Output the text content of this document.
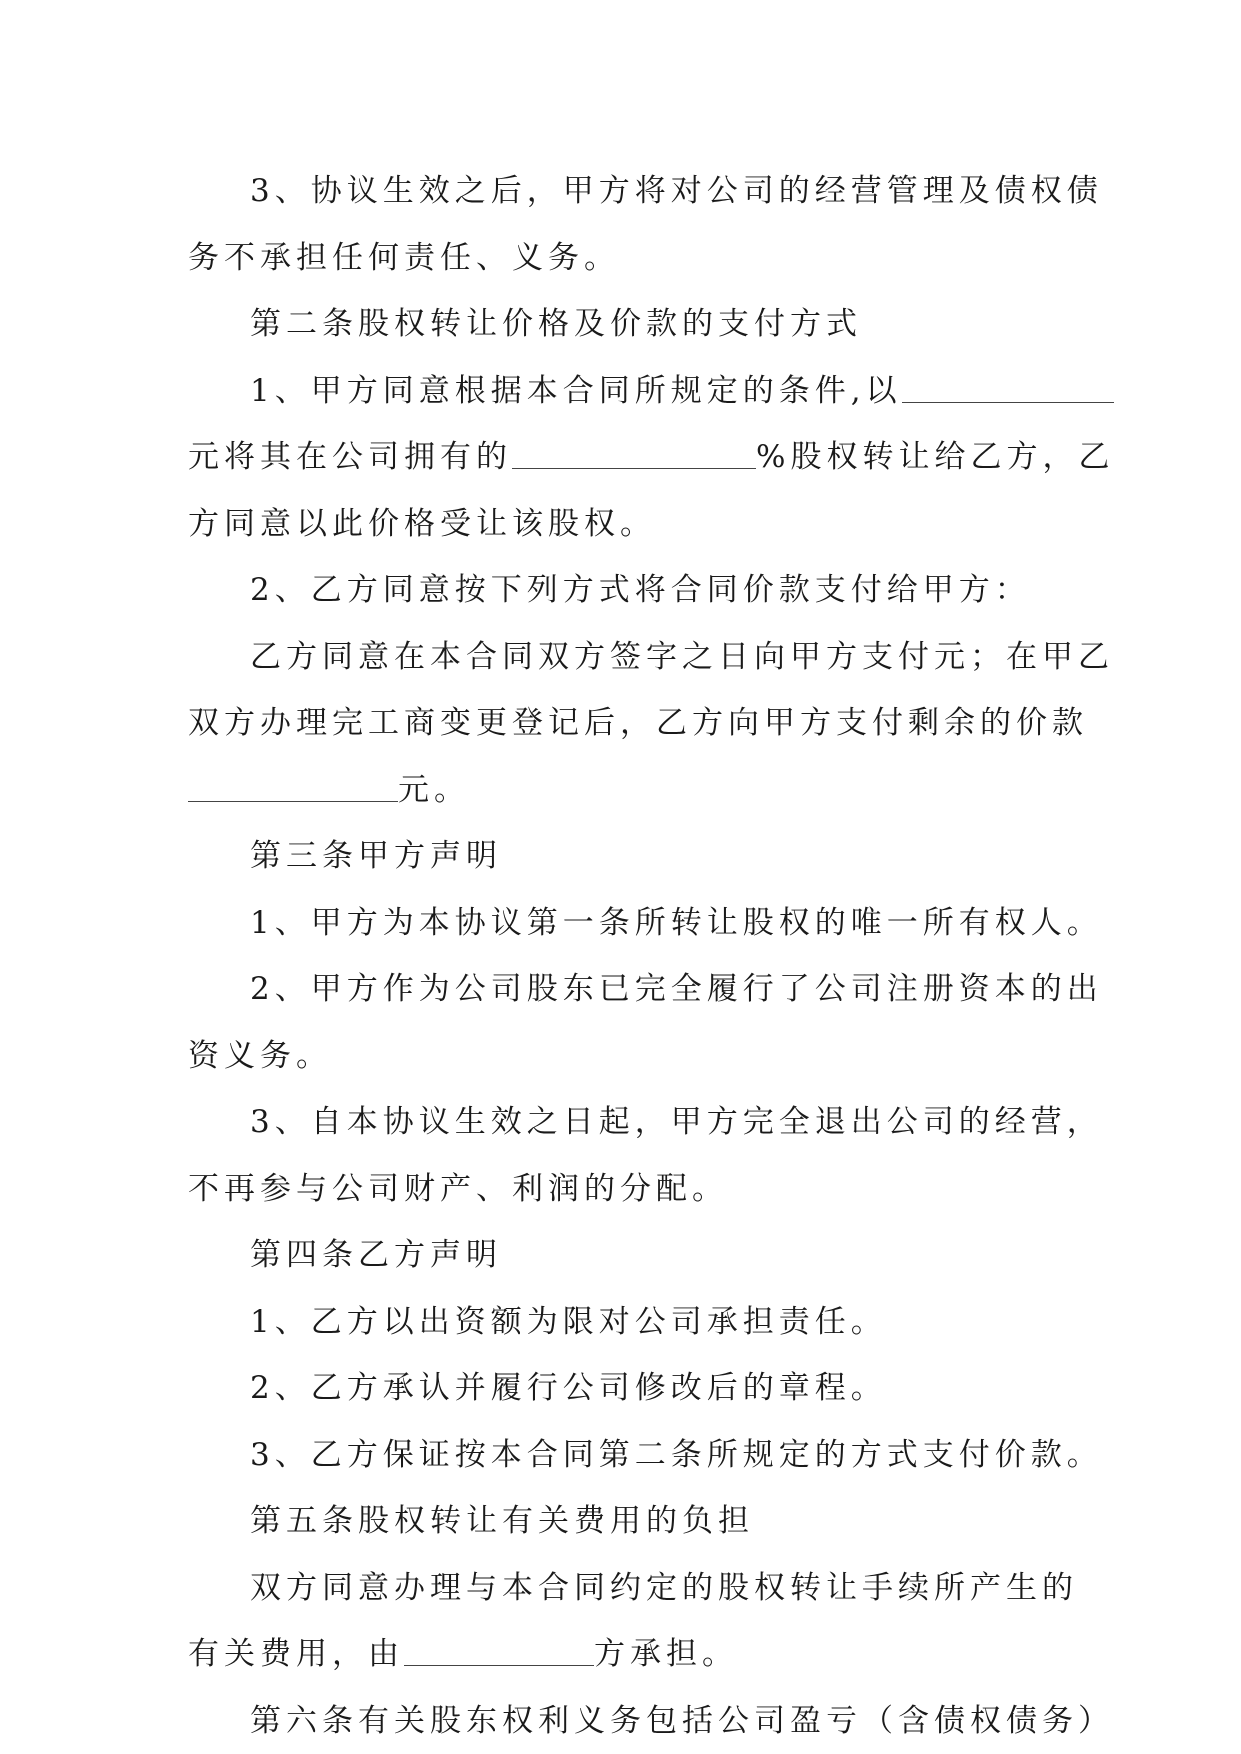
3、协议生效之后，甲方将对公司的经营管理及债权债
务不承担任何责任、义务。
第二条股权转让价格及价款的支付方式
1、甲方同意根据本合同所规定的条件,以
元将其在公司拥有的	%股权转让给乙方，乙
方同意以此价格受让该股权。
2、乙方同意按下列方式将合同价款支付给甲方：
乙方同意在本合同双方签字之日向甲方支付元；在甲乙
双方办理完工商变更登记后，乙方向甲方支付剩余的价款
元。
第三条甲方声明
1、甲方为本协议第一条所转让股权的唯一所有权人。
2、甲方作为公司股东已完全履行了公司注册资本的出
资义务。
3、自本协议生效之日起，甲方完全退出公司的经营，
不再参与公司财产、利润的分配。
第四条乙方声明
1、乙方以出资额为限对公司承担责任。
2、乙方承认并履行公司修改后的章程。
3、乙方保证按本合同第二条所规定的方式支付价款。
第五条股权转让有关费用的负担
双方同意办理与本合同约定的股权转让手续所产生的
有关费用，由	方承担。
第六条有关股东权利义务包括公司盈亏（含债权债务）
